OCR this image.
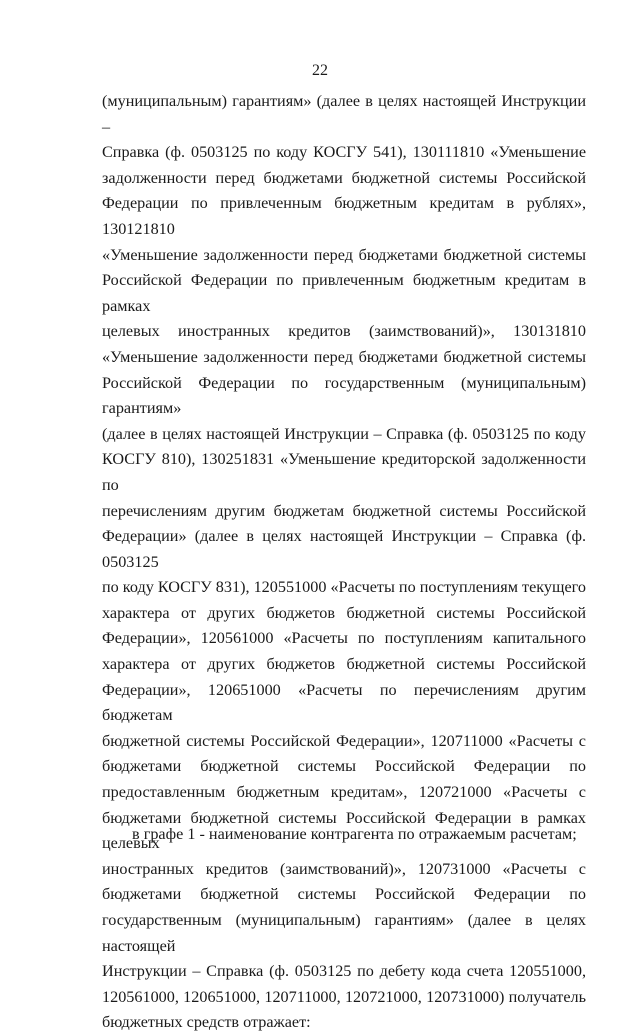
22
(муниципальным) гарантиям» (далее в целях настоящей Инструкции –
Справка (ф. 0503125 по коду КОСГУ 541), 130111810 «Уменьшение
задолженности перед бюджетами бюджетной системы Российской
Федерации по привлеченным бюджетным кредитам в рублях», 130121810
«Уменьшение задолженности перед бюджетами бюджетной системы
Российской Федерации по привлеченным бюджетным кредитам в рамках
целевых иностранных кредитов (заимствований)», 130131810
«Уменьшение задолженности перед бюджетами бюджетной системы
Российской Федерации по государственным (муниципальным) гарантиям»
(далее в целях настоящей Инструкции – Справка (ф. 0503125 по коду
КОСГУ 810), 130251831 «Уменьшение кредиторской задолженности по
перечислениям другим бюджетам бюджетной системы Российской
Федерации» (далее в целях настоящей Инструкции – Справка (ф. 0503125
по коду КОСГУ 831), 120551000 «Расчеты по поступлениям текущего
характера от других бюджетов бюджетной системы Российской
Федерации», 120561000 «Расчеты по поступлениям капитального
характера от других бюджетов бюджетной системы Российской
Федерации», 120651000 «Расчеты по перечислениям другим бюджетам
бюджетной системы Российской Федерации», 120711000 «Расчеты с
бюджетами бюджетной системы Российской Федерации по
предоставленным бюджетным кредитам», 120721000 «Расчеты с
бюджетами бюджетной системы Российской Федерации в рамках целевых
иностранных кредитов (заимствований)», 120731000 «Расчеты с
бюджетами бюджетной системы Российской Федерации по
государственным (муниципальным) гарантиям» (далее в целях настоящей
Инструкции – Справка (ф. 0503125 по дебету кода счета 120551000,
120561000, 120651000, 120711000, 120721000, 120731000) получатель
бюджетных средств отражает:
в графе 1 - наименование контрагента по отражаемым расчетам;
